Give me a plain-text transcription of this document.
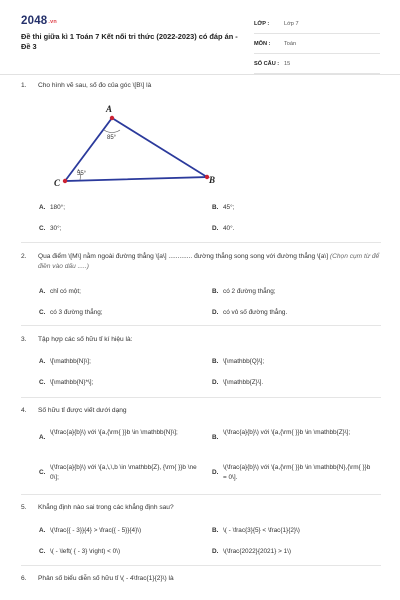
2048.vn
Đề thi giữa kì 1 Toán 7 Kết nối tri thức (2022-2023) có đáp án - Đề 3
LỚP :	Lớp 7
MÔN :	Toán
SỐ CÂU : 15
1.	Cho hình vẽ sau, số đo của góc \[B\] là
A
B
C
85°
55°
A. 180°;	B. 45°;
C. 30°;	D. 40°.
2.	Qua điểm \[M\] nằm ngoài đường thẳng \[a\] ............. đường thẳng song song với đường thẳng \[a\] (Chọn cụm từ để điền vào dấu .....)
A. chỉ có một;	B. có 2 đường thẳng;
C. có 3 đường thẳng;	D. có vô số đường thẳng.
3.	Tập hợp các số hữu tỉ kí hiệu là:
A. \[\mathbb{N}\];	B. \[\mathbb{Q}\];
C. \[\mathbb{N}*\];	D. \[\mathbb{Z}\].
4.	Số hữu tỉ được viết dưới dạng
A.
\(\frac{a}{b}\) với \[a,{\rm{ }}b \in \mathbb{N}\];
B.
\(\frac{a}{b}\) với \[a,{\rm{ }}b \in \mathbb{Z}\];
C.
\(\frac{a}{b}\) với \[a,\,\,b \in \mathbb{Z}, {\rm{ }}b \ne 0\];
D.
\(\frac{a}{b}\) với \[a,{\rm{ }}b \in \mathbb{N},{\rm{ }}b = 0\].
5.	Khẳng định nào sai trong các khẳng định sau?
A. \(\frac{{ - 3}}{4} > \frac{{ - 5}}{4}\)	B. \( - \frac{3}{5} < \frac{1}{2}\)
C. \( - \left( { - 3} \right) < 0\)	D. \(\frac{2022}{2021} > 1\)
6.	Phân số biểu diễn số hữu tỉ \( - 4\frac{1}{2}\) là
